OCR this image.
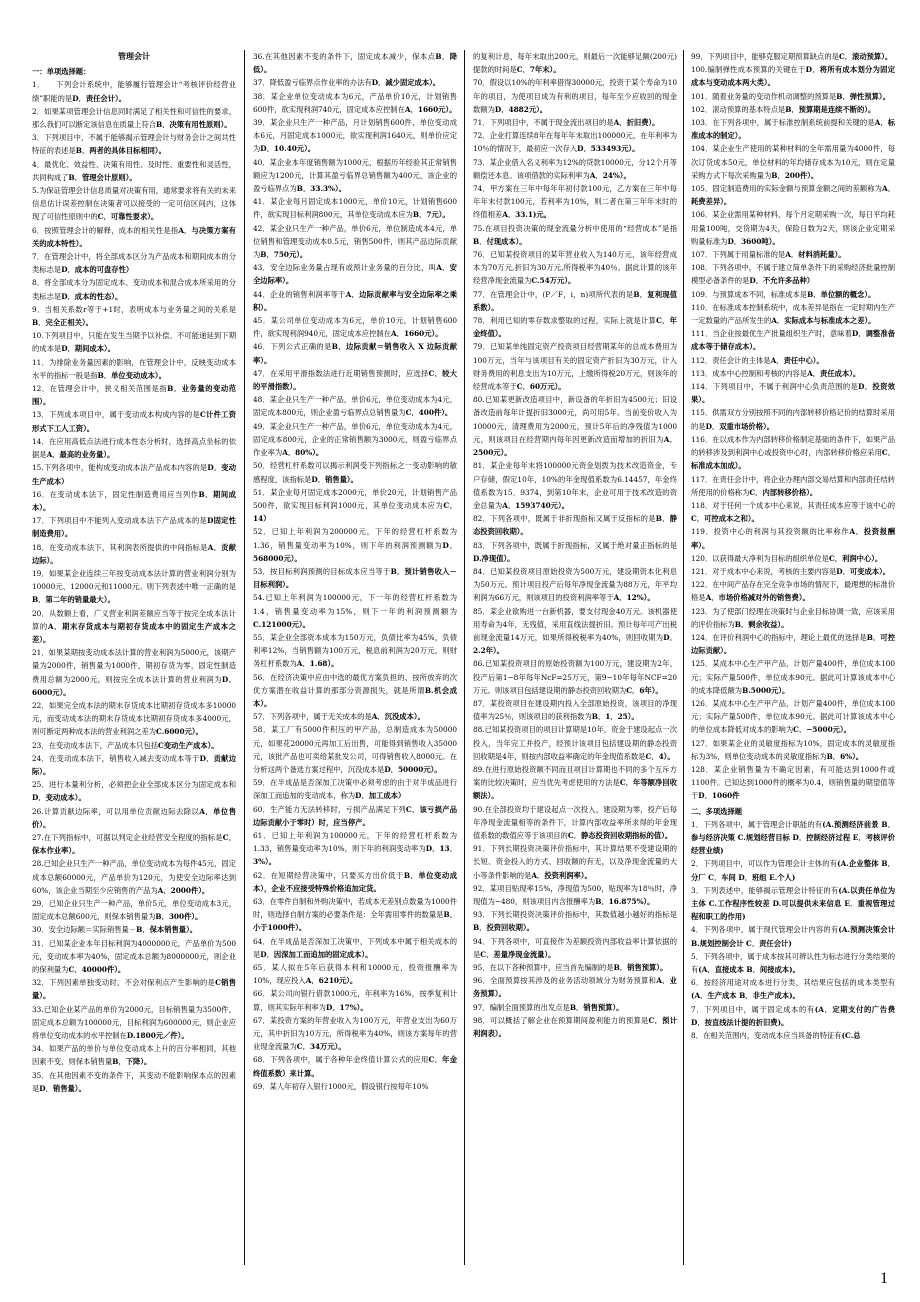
管理会计

一：单项选择题：

1．　　下列会计系统中，能够履行管理会计“考核评价经营业绩”职能的是D．责任会计）。

2．如果某项管理会计信息同时满足了相关性和可信性的要求，那么我们可以断定该信息在质量上符合B．决策有用性原则）。

3．下列项目中，不属于能够揭示管理会计与财务会计之间共性特征的表述是B．两者的具体目标相同）。

4．最优化、效益性、决策有用性、及时性、重要性和灵活性，共同构成了B．管理会计原则）。

5.为保证管理会计信息质量对决策有用，通常要求将有关的未来信息估计误差控制在决策者可以接受的一定可信区间内，这体现了可信性原则中的C．可靠性要求）。

6．按照管理会计的解释，成本的相关性是指A．与决策方案有关的成本特性）。

7．在管理会计中，将全部成本区分为产品成本和期间成本的分类标志是D．成本的可盘存性）

8．将全部成本分为固定成本、变动成本和混合成本所采用的分类标志是D．成本的性态）。

9．当相关系数r等于+1时，表明成本与业务量之间的关系是B．完全正相关）。

10.下列项目中，只能在发生当期予以补偿、不可能递延到下期的成本是D．期间成本）。

11．为排除业务量因素的影响，在管理会计中，反映变动成本水平的指标一般是指B．单位变动成本）。

12．在管理会计中，狭义相关范围是指B．业务量的变动范围）。

13．下列成本项目中，属于变动成本构成内容的是C计件工资形式下工人工资）。

14．在应用高低点法进行成本性态分析时，选择高点坐标的依据是A．最高的业务量）。

15.下列各项中，能构成变动成本法产品成本内容的是D．变动生产成本）

16．在变动成本法下，固定性制造费用应当列作B．期间成本）。

17．下列项目中不能列入变动成本法下产品成本的是D固定性制造费用）。

18．在变动成本法下，其利润表所提供的中间指标是A．贡献边际）。

19．如果某企业连续三年按变动成本法计算的营业利润分别为10000元、12000元和11000元。则下列表述中唯一正确的是B．第二年的销量最大）。

20．从数额上看，广义营业利润差额应当等于按完全成本法计算的A．期末存货成本与期初存货成本中的固定生产成本之差）。

21．如果某期按变动成本法计算的营业利润为5000元，该期产量为2000件，销售量为1000件，期初存货为零，固定性制造费用总额为2000元，则按完全成本法计算的营业利润为D．6000元）。

22．如果完全成本法的期末存货成本比期初存货成本多10000元，而变动成本法的期末存货成本比期初存货成本多4000元，则可断定两种成本法的营业利润之差为C.6000元）。

23．在变动成本法下，产品成本只包括C变动生产成本）。

24．在变动成本法下，销售收入减去变动成本等于D．贡献边际）。

25．进行本量利分析，必须把企业全部成本区分为固定成本和D．变动成本）。

26.计算贡献边际率，可以用单位贡献边际去除以A．单位售价）。

27.在下列指标中，可据以判定企业经营安全程度的指标是C．保本作业率）。

28.已知企业只生产一种产品，单位变动成本为每件45元，固定成本总额60000元，产品单价为120元，为使安全边际率达到60%，该企业当期至少应销售的产品为A．2000件）。

29．已知企业只生产一种产品，单价5元，单位变动成本3元，固定成本总额600元，则保本销售量为B．300件）。

30．安全边际额＝实际销售量－B．保本销售量）。

31．已知某企业本年目标利润为4000000元，产品单价为500元，变动成本率为40%，固定成本总额为8000000元，则企业的保利量为C．40000件）。

32．下列因素单独变动时，不会对保利点产生影响的是C销售量）。

33.已知企业某产品的单价为2000元，目标销售量为3500件，固定成本总额为100000元，目标利润为600000元，则企业应将单位变动成本的水平控制在D.1800元／件）。

34．如果产品的单价与单位变动成本上升的百分率相同，其他因素不变，则保本销售量B．下降）。

35．在其他因素不变的条件下，其变动不能影响保本点的因素是D．销售量）。

36.在其他因素不变的条件下，固定成本减少，保本点B．降低）。

37．降低盈亏临界点作业率的办法有D．减少固定成本）。

38．某企业单位变动成本为6元，产品单价10元，计划销售600件，欲实现利润740元，固定成本应控制在A．1660元）。

39．某企业只生产一种产品，月计划销售600件，单位变动成本6元，月固定成本1000元，欲实现利润1640元，则单价应定为D．10.40元）。

40．某企业本年度销售额为1000元，根据历年经验其正常销售额应为1200元，计算其盈亏临界总销售额为400元，该企业的盈亏临界点为B．33.3%）。

41．某企业每月固定成本1000元，单价10元，计划销售600件，欲实现目标利润800元，其单位变动成本应为B．7元）。

42．某企业只生产一种产品，单价6元，单位制造成本4元，单位销售和管理变动成本0.5元，销售500件，则其产品边际贡献为B．750元）。

43．安全边际业务量占现有或预计业务量的百分比，叫A．安全边际率）。

44．企业的销售利润率等于A．边际贡献率与安全边际率之乘积）。

45．某公司单位变动成本为6元，单价10元，计划销售600件，欲实现利润940元，固定成本应控制在A．1660元）。

46．下列公式正确的是B．边际贡献＝销售收入 X 边际贡献率）。

47．在采用平滑指数法进行近期销售预测时，应选择C．较大的平滑指数）。

48．某企业只生产一种产品，单价6元，单位变动成本为4元，固定成本800元，则企业盈亏临界点总销售量为C．400件）。

49．某企业只生产一种产品，单价6元，单位变动成本为4元，固定成本800元，企业的正常销售额为3000元，则盈亏临界点作业率为A．80%）。

50．经营杠杆系数可以揭示利润受下列指标之一变动影响的敏感程度，该指标是D．销售量）。

51．某企业每月固定成本2000元，单价20元，计划销售产品500件，欲实现目标利润1000元，其单位变动成本应为C．14）

52．已知上年利润为200000元，下年的经营杠杆系数为1.36，销售量变动率为10%，则下年的利润预测额为D．568000元）。

53．按目标利润预测的目标成本应当等于B．预计销售收入－目标利润）。

54.已知上年利润为100000元，下一年的经营杠杆系数为1.4，销售量变动率为15%，则下一年的利润预测额为C.121000元）。

55．某企业全部资本成本为150万元，负债比率为45%，负债利率12%，当销售额为100万元，税息前利润为20万元，则财务杠杆系数为A．1.68）。

56．在经济决策中应由中选的最优方案负担的、按所放弃的次优方案潜在收益计算的那部分资源损失，就是所谓B.机会成本）。

57．下列各项中，属于无关成本的是A．沉没成本）。

58．某工厂有5000件积压的甲产品，总制造成本为50000元，如果花20000元再加工后出售，可能得到销售收入35000元，该批产品也可卖给某批发公司，可得销售收入8000元。在分析这两个备选方案过程中，沉没成本是D．50000元）。

59．在半成品是否深加工决策中必须考虑的由于对半成品进行深加工而追加的变动成本，称为D．加工成本）

60．生产能力无法转移时，亏损产品满足下列C．该亏损产品边际贡献小于零时）时，应当停产。

61．已知上年利润为100000元，下年的经营杠杆系数为1.33，销售量变动率为10%，则下年的利润变动率为D．13．3%）。

62．在短期经营决策中，只要买方出价低于B．单位变动成本），企业不应接受特殊价格追加定货。

63．在零件自制和外购决策中，若成本无差别点数量为1000件时，则选择自制方案的必要条件是：全年需用零件的数量是B．小于1000件）。

64．在半成品是否深加工决策中，下列成本中属于相关成本的是D．因深加工而追加的固定成本）。

65．某人拟在5年后获得本利和10000元，投资报酬率为10%，现应投入A．6210元）。

66．某公司向银行借款1000元，年利率为16%，按季复利计算，则其实际年利率为D．17%）。

67．某投资方案的年营业收入为100万元，年营业支出为60万元，其中折旧为10万元，所得税率为40%，则该方案每年的营业现金流量为C．34万元）。

68．下列各项中，属于各种年金终值计算公式的应用C．年金终值系数）来计算。

69．某人年初存入银行1000元，假设银行按每年10%

的复利计息，每年末取出200元，则最后一次能够足额(200元)提款的时间是C．7年末）。

70．假设以10%的年利率借得30000元，投资于某个寿命为10年的项目，为使项目成为有利的项目，每年至少应收回的现金数额为D．4882元）。

71．下列项目中，不属于现金流出项目的是A．折旧费）。

72．企业打算连续8年在每年年末取出100000元，在年利率为10％的情况下，最初应一次存入D．533493元）。

73．某企业借入名义利率为12%的贷款10000元，分12个月等额偿还本息。该项借款的实际利率为A．24%）。

74．甲方案在三年中每年年初付款100元，乙方案在三年中每年年末付款100元，若利率为10%，则二者在第三年年末时的终值相差A．33.1)元。

75.在项目投资决策的现金流量分析中使用的“经营成本”是指B．付现成本）。

76．已知某投资项目的某年营业收入为140万元，该年经营成本为70万元,折旧为30万元,所得税率为40％。据此计算的该年经营净现金流量为C.54万元）。

77．在管理会计中，(P／F，i，n)项所代表的是B．复利现值系数）。

78．利用已知的零存数求整取的过程，实际上就是计算C．年金终值）。

79．已知某单纯固定资产投资项目经营期某年的总成本费用为100万元，当年与该项目有关的固定资产折旧为30万元，计入财务费用的利息支出为10万元，上缴所得税20万元，则该年的经营成本等于C．60万元）。

80.已知某更新改造项目中，新设备的年折旧为4500元；旧设备改造前每年计提折旧3000元，尚可用5年。当前变价收入为10000元，清理费用为2000元，预计5年后的净残值为1000元，则该项目在经营期内每年因更新改造而增加的折旧为A．2500元）。

81．某企业每年末将100000元资金划拨为技术改造资金，专户存储，假定10年，10%的年金现值系数为6.14457，年金终值系数为15．9374，到第10年末，企业可用于技术改造的资金总量为A．1593740元）。

82．下列各项中，既属于非折现指标又属于反指标的是B．静态投资回收期）。

83．下列各项中，既属于折现指标，又属于绝对量正指标的是D.净现值）。

84．已知某投资项目原始投资为500万元，建设期资本化利息为50万元。预计项目投产后每年净现金流量为88万元，年平均利润为66万元，则该项目的投资利润率等于A．12%）。

85．某企业欲购进一台新机器，要支付现金40万元。该机器使用寿命为4年，无残值，采用直线法提折旧。预计每年可产出税前现金流量14万元，如果所得税税率为40%，则回收期为D．2.2年）。

86.已知某投资项目的原始投资额为100万元，建设期为2年，投产后第1−8年每年NcF=25万元，第9−10年每年NCF=20万元。则该项目包括建设期的静态投资回收期为C．6年）。

87．某投资项目在建设期内投入全部原始投资，该项目的净现值率为25％，则该项目的获利指数为B．1．25）。

88.已知某投资项目的项目计算期是10年，资金于建设起点一次投入，当年完工并投产，经预计该项目包括建设期的静态投资回收期是4年，则按内部收益率确定的年金现值系数是C．4）。

89.在进行原始投资额不同而且项目计算期也不同的多个互斥方案的比较决策时，应当优先考虑使用的方法是C．年等额净回收额法）。

90.在全部投资均于建设起点一次投入，建设期为零，投产后每年净现金流量相等的条件下，计算内部收益率所求得的年金现值系数的数值应等于该项目的C．静态投资回收期指标的值）。

91．下列长期投资决策评价指标中，其计算结果不受建设期的长短、资金投入的方式、回收额的有无，以及净现金流量的大小等条件影响的是A．投资利润率）。

92．某项目贴现率15%，净现值为500，贴现率为18％时，净现值为−480，则该项目内含报酬率为B．16.875%）。

93．下列长期投资决策评价指标中，其数值越小越好的指标是B．投资回收期）。

94．下列各项中，可直接作为差额投资内部收益率计算依据的是C．差量净现金流量）。

95．在以下各种预算中，应当首先编制的是B．销售预算）。

96．全面预算按其涉及的业务活动领域分为财务预算和A．业务预算）。

97．编制全面预算的出发点是B．销售预算）。

98．可以概括了解企业在预算期间盈利能力的预算是C．预计利润表）。

99．下列项目中，能够克服定期预算缺点的是C．滚动预算）。

100.编制弹性成本预算的关键在于D．将所有成本划分为固定成本与变动成本两大类）。

101．随着业务量的变动作机动调整的预算是B．弹性预算）。

102．滚动预算的基本特点是B．预算期是连续不断的）。

103．在下列各项中，属于标准控制系统前提和关键的是A．标准成本的制定）。

104．某企业生产使用的某种材料的全年需用量为4000件，每次订货成本50元，单位材料的年均储存成本为10元，则在定量采购方式下每次采购量为B．200件）。

105．固定制造费用的实际金额与预算金额之间的差额称为A．耗费差异）。

106．某企业需用某种材料，每个月定期采购一次，每日平均耗用量100吨，交货期为4天，保险日数为2天，则该企业定期采购量标准为D．3600吨）。

107．下列属于用量标准的是A．材料消耗量）。

108．下列各项中，不属于建立简单条件下的采购经济批量控制模型必备条件的是D．不允许多品种）

109．与预算成本不同，标准成本是B．单位额的概念）。

110．在标准成本控制系统中，成本差异是指在一定时期内生产一定数量的产品所发生的A．实际成本与标准成本之差）。

111．当企业按最优生产批量组织生产时，意味着D．调整准备成本等于储存成本）。

112．责任会计的主体是A．责任中心）。

113．成本中心控制和考核的内容是A．责任成本）。

114．下列项目中，不属于利润中心负责范围的是D．投资效果）。

115．供需双方分别按照不同的内部转移价格记价的结算时采用的是D．双重市场价格）。

116．在以成本作为内部转移价格制定基础的条件下，如果产品的转移涉及到利润中心或投资中心时，内部转移价格应采用C．标准成本加成）。

117．在责任会计中，将企业办理内部交易结算和内部责任结转所使用的价格称为C．内部转移价格）。

118．对于任何一个成本中心来说，其责任成本应等于该中心的C．可控成本之和）。

119．投资中心的利润与其投资额的比率称作A．投资报酬率）。

120．以获得最大净利为目标的组织单位是C．利润中心）。

121．对于成本中心来说，考核的主要内容是D．可变成本）。

122．在中间产品存在完全竞争市场的情况下，最理想的标准价格是A．市场价格减对外的销售费）。

123．为了使部门经理在决策时与企业目标协调一致，应该采用的评价指标为B．剩余收益）。

124．在评价利润中心的指标中，理论上最优的选择是B．可控边际贡献）。

125．某成本中心生产甲产品，计划产量400件，单位成本100元；实际产量500件，单位成本90元。据此可计算该成本中心的成本降低额为B.5000元）。

126．某成本中心生产甲产品，计划产量400件，单位成本100元；实际产量500件，单位成本90元。据此可计算该成本中心的单位成本降低对成本的影响为C．−5000元）。

127．如果某企业的灵敏度指标为10%，固定成本的灵敏度指标为3%，则单位变动成本的灵敏度指标为B．6%）。

128．某企业销售量为不确定因素，有可能达到1000件或1100件。已知达到1000件的概率为0.4，则销售量的期望值等于D．1060件

二、多项选择题

1．下列各项中，属于管理会计职能的有(A.预测经济前景 B．参与经济决策 C.规划经营目标 D．控制经济过程 E．考核评价经营业绩)

2．下列项目中，可以作为管理会计主体的有(A.企业整体 B．分厂 C．车间 D．班组 E.个人)

3．下列表述中，能够揭示管理会计特征的有(A.以责任单位为主体 C.工作程序性较差 D.可以提供未来信息 E．重视管理过程和职工的作用)

4．下列各项中，属于现代管理会计内容的有(A.预测决策会计 B.规划控制会计 C．责任会计)

5．下列各项中，属于成本按其可辨认性为标志进行分类结果的有(A．直接成本 B．间接成本)。

6．按经济用途对成本进行分类，其结果应包括的成本类型有(A．生产成本 B．非生产成本)。

7．下列项目中，属于固定成本的有(A．定期支付的广告费 D．按直线法计提的折旧费)。

8．在相关范围内，变动成本应当具备的特征有(C.总

1
